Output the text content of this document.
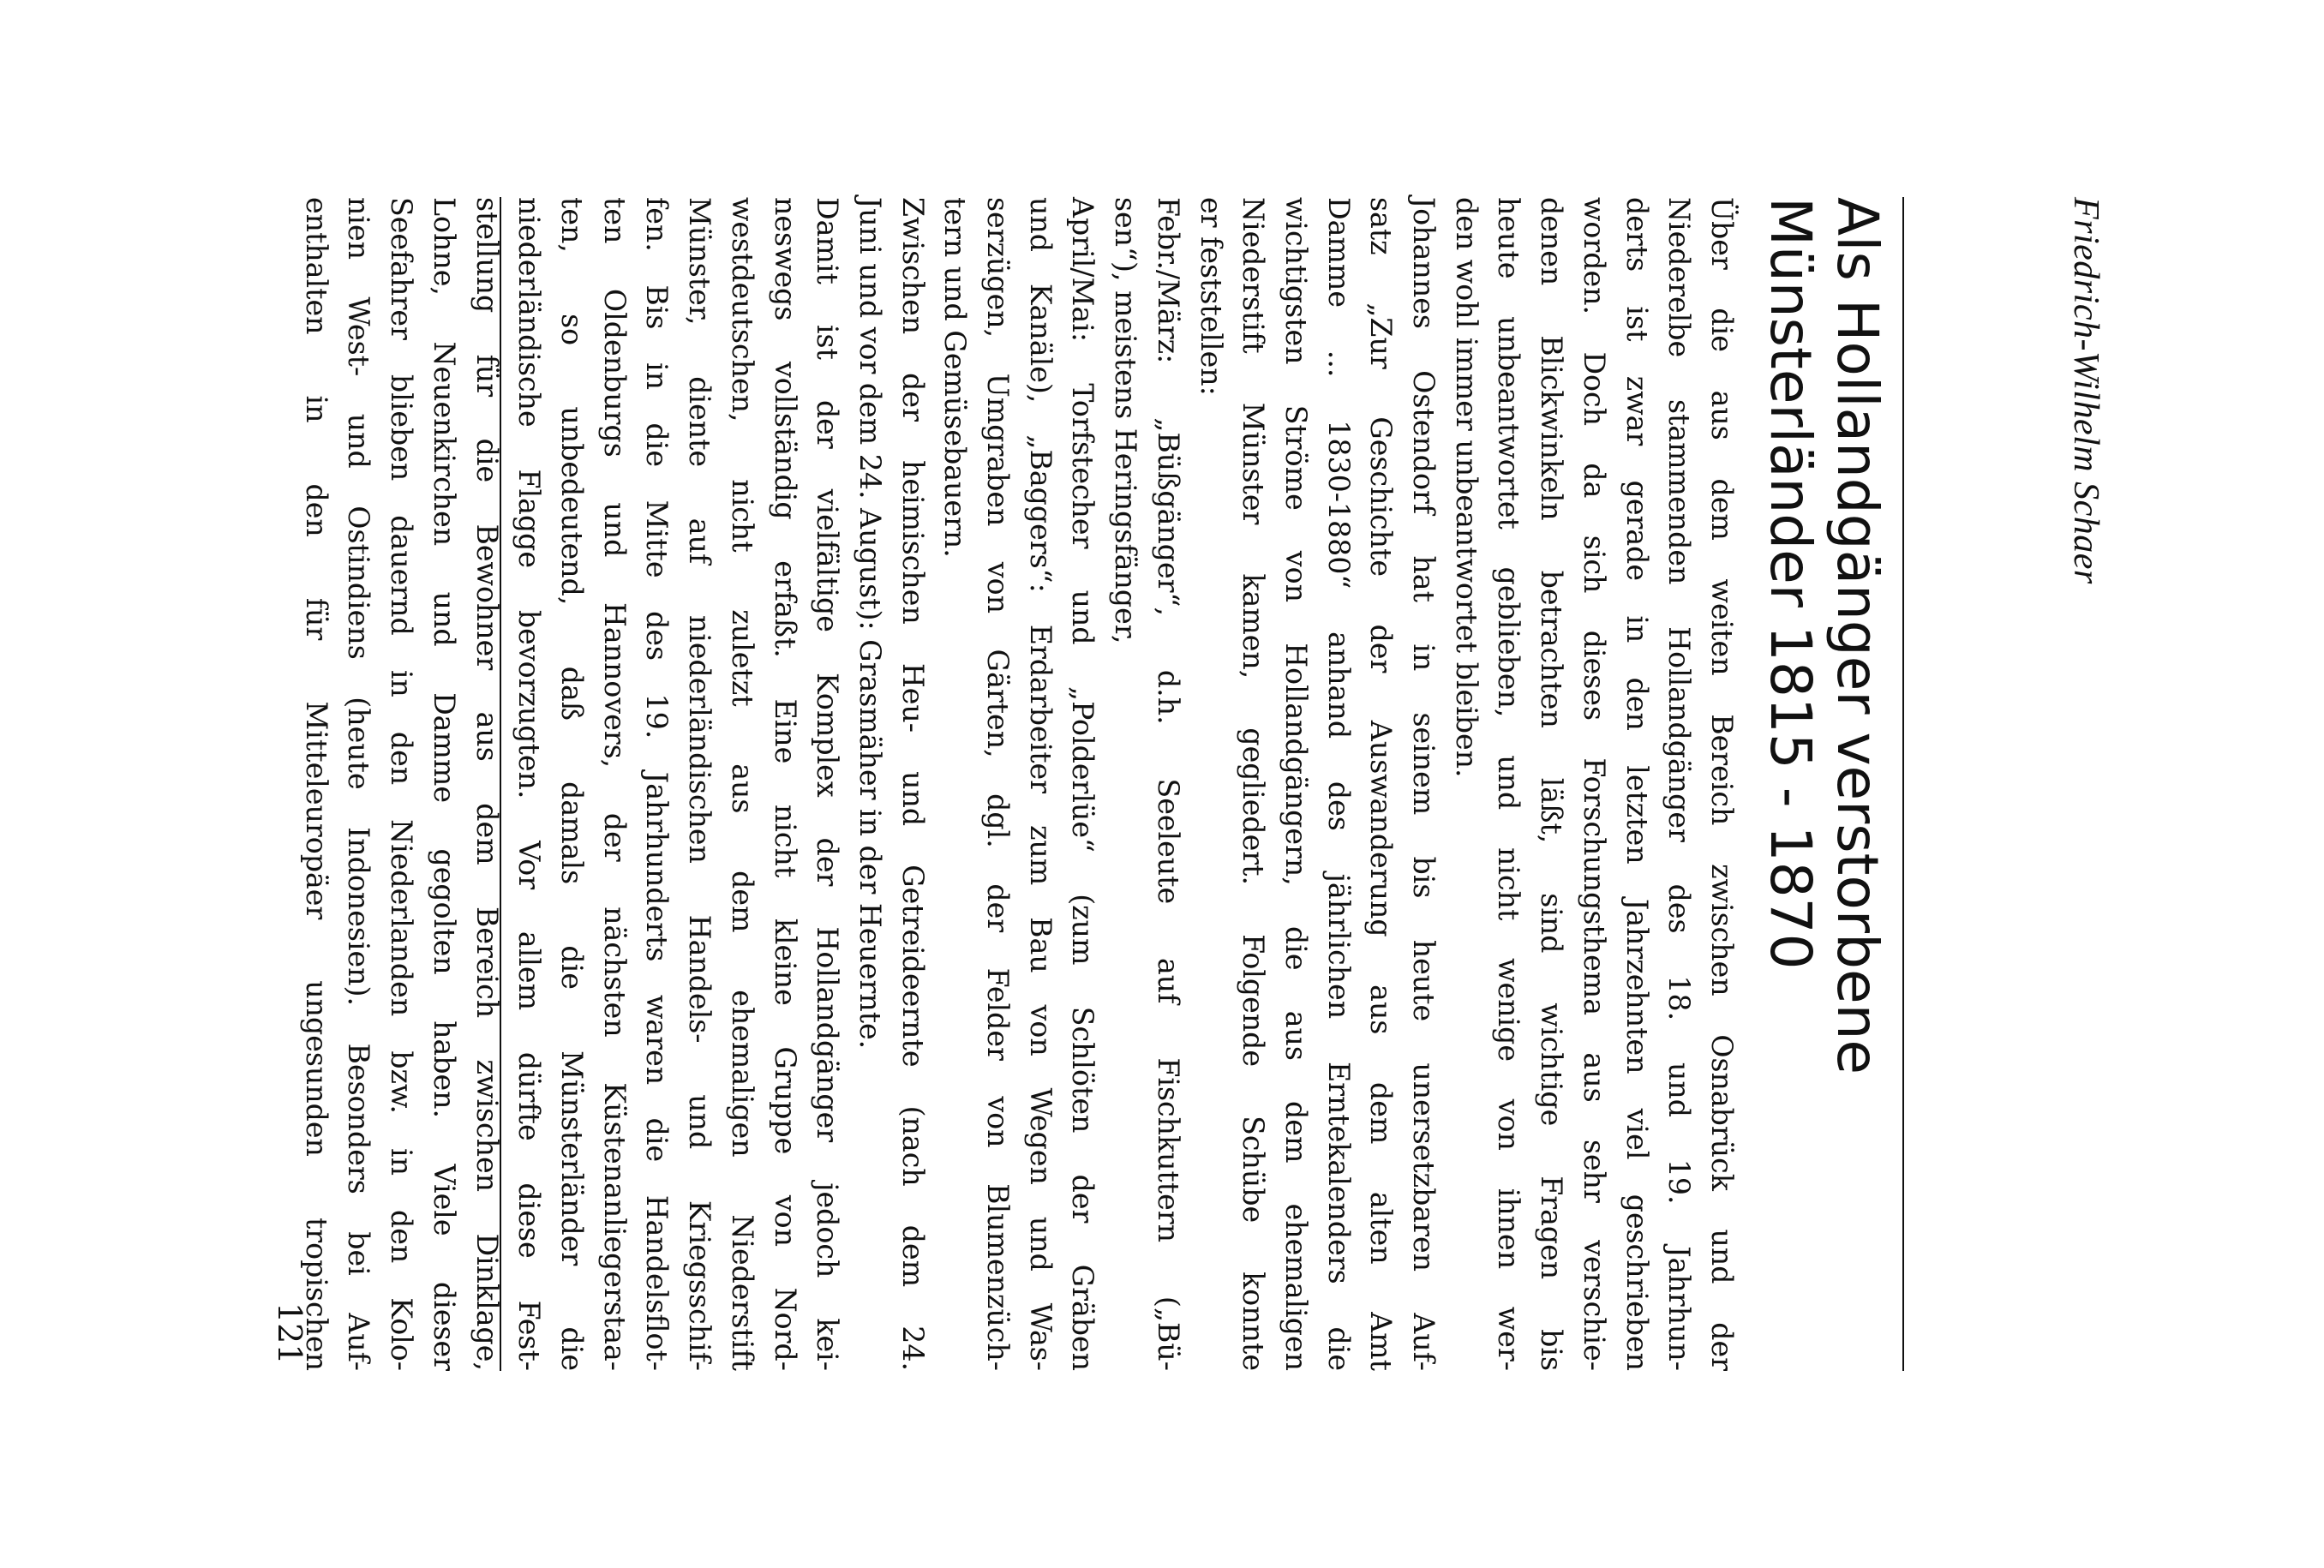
Friedrich-Wilhelm Schaer
Als Hollandgänger verstorbene
Münsterländer 1815 - 1870
Über die aus dem weiten Bereich zwischen Osnabrück und der
Niederelbe stammenden Hollandgänger des 18. und 19. Jahrhun-
derts ist zwar gerade in den letzten Jahrzehnten viel geschrieben
worden. Doch da sich dieses Forschungsthema aus sehr verschie-
denen Blickwinkeln betrachten läßt, sind wichtige Fragen bis
heute unbeantwortet geblieben, und nicht wenige von ihnen wer-
den wohl immer unbeantwortet bleiben.
Johannes Ostendorf hat in seinem bis heute unersetzbaren Auf-
satz „Zur Geschichte der Auswanderung aus dem alten Amt
Damme ... 1830-1880“ anhand des jährlichen Erntekalenders die
wichtigsten Ströme von Hollandgängern, die aus dem ehemaligen
Niederstift Münster kamen, gegliedert. Folgende Schübe konnte
er feststellen:
Febr./März: „Büßgänger“, d.h. Seeleute auf Fischkuttern („Bü-
sen“), meistens Heringsfänger,
April/Mai: Torfstecher und „Polderlüe“ (zum Schlöten der Gräben
und Kanäle), „Baggers“: Erdarbeiter zum Bau von Wegen und Was-
serzügen, Umgraben von Gärten, dgl. der Felder von Blumenzüch-
tern und Gemüsebauern.
Zwischen der heimischen Heu- und Getreideernte (nach dem 24.
Juni und vor dem 24. August): Grasmäher in der Heuernte.
Damit ist der vielfältige Komplex der Hollandgänger jedoch kei-
neswegs vollständig erfaßt. Eine nicht kleine Gruppe von Nord-
westdeutschen, nicht zuletzt aus dem ehemaligen Niederstift
Münster, diente auf niederländischen Handels- und Kriegsschif-
fen. Bis in die Mitte des 19. Jahrhunderts waren die Handelsflot-
ten Oldenburgs und Hannovers, der nächsten Küstenanliegerstaa-
ten, so unbedeutend, daß damals die Münsterländer die
niederländische Flagge bevorzugten. Vor allem dürfte diese Fest-
stellung für die Bewohner aus dem Bereich zwischen Dinklage,
Lohne, Neuenkirchen und Damme gegolten haben. Viele dieser
Seefahrer blieben dauernd in den Niederlanden bzw. in den Kolo-
nien West- und Ostindiens (heute Indonesien). Besonders bei Auf-
enthalten in den für Mitteleuropäer ungesunden tropischen
121
